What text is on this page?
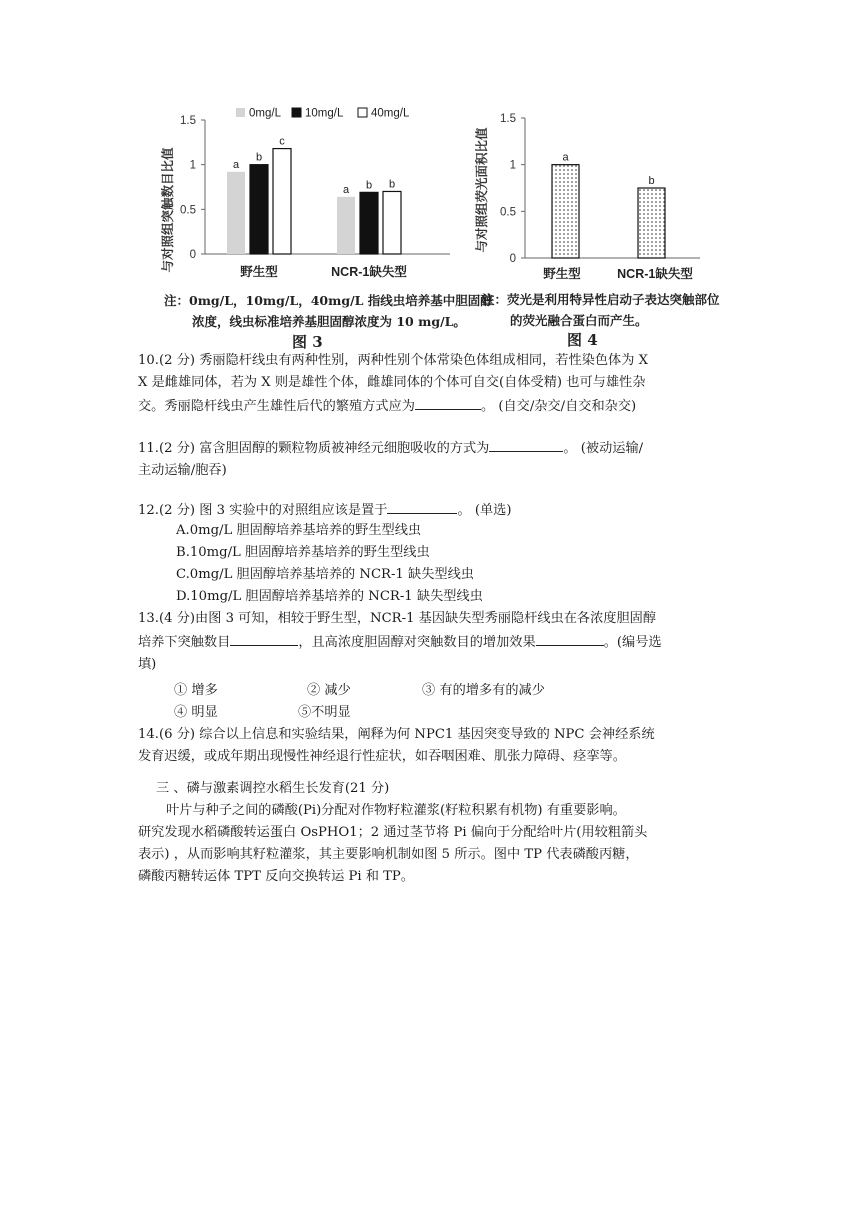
与对照组突触数目比值
1.5
1
0.5
0
0mg/L 10mg/L 40mg/L
a
b
c
a b b
野生型	NCR-1缺失型
注：0mg/L，10mg/L，40mg/L 指线虫培养基中胆固醇
浓度，线虫标准培养基胆固醇浓度为 10 mg/L。
图 3
与对照组荧光面积比值
1.5
1
0.5
0
a
b
野生型	NCR-1缺失型
注：荧光是利用特异性启动子表达突触部位
的荧光融合蛋白而产生。
图 4
10.(2 分) 秀丽隐杆线虫有两种性别，两种性别个体常染色体组成相同，若性染色体为 X
X 是雌雄同体，若为 X 则是雄性个体，雌雄同体的个体可自交(自体受精) 也可与雄性杂
交。秀丽隐杆线虫产生雄性后代的繁殖方式应为	。 (自交/杂交/自交和杂交)
11.(2 分) 富含胆固醇的颗粒物质被神经元细胞吸收的方式为	。 (被动运输/
主动运输/胞吞)
12.(2 分) 图 3 实验中的对照组应该是置于	。 (单选)
A.0mg/L 胆固醇培养基培养的野生型线虫
B.10mg/L 胆固醇培养基培养的野生型线虫
C.0mg/L 胆固醇培养基培养的 NCR-1 缺失型线虫
D.10mg/L 胆固醇培养基培养的 NCR-1 缺失型线虫
13.(4 分)由图 3 可知，相较于野生型，NCR-1 基因缺失型秀丽隐杆线虫在各浓度胆固醇
培养下突触数目	，且高浓度胆固醇对突触数目的增加效果	。(编号选
填)
① 增多	② 减少	③ 有的增多有的减少
④ 明显	⑤不明显
14.(6 分) 综合以上信息和实验结果，阐释为何 NPC1 基因突变导致的 NPC 会神经系统
发育迟缓，或成年期出现慢性神经退行性症状，如吞咽困难、肌张力障碍、痉挛等。
三 、磷与激素调控水稻生长发育(21 分)
叶片与种子之间的磷酸(Pi)分配对作物籽粒灌浆(籽粒积累有机物) 有重要影响。
研究发现水稻磷酸转运蛋白 OsPHO1；2 通过茎节将 Pi 偏向于分配给叶片(用较粗箭头
表示) ，从而影响其籽粒灌浆，其主要影响机制如图 5 所示。图中 TP 代表磷酸丙糖，
磷酸丙糖转运体 TPT 反向交换转运 Pi 和 TP。
